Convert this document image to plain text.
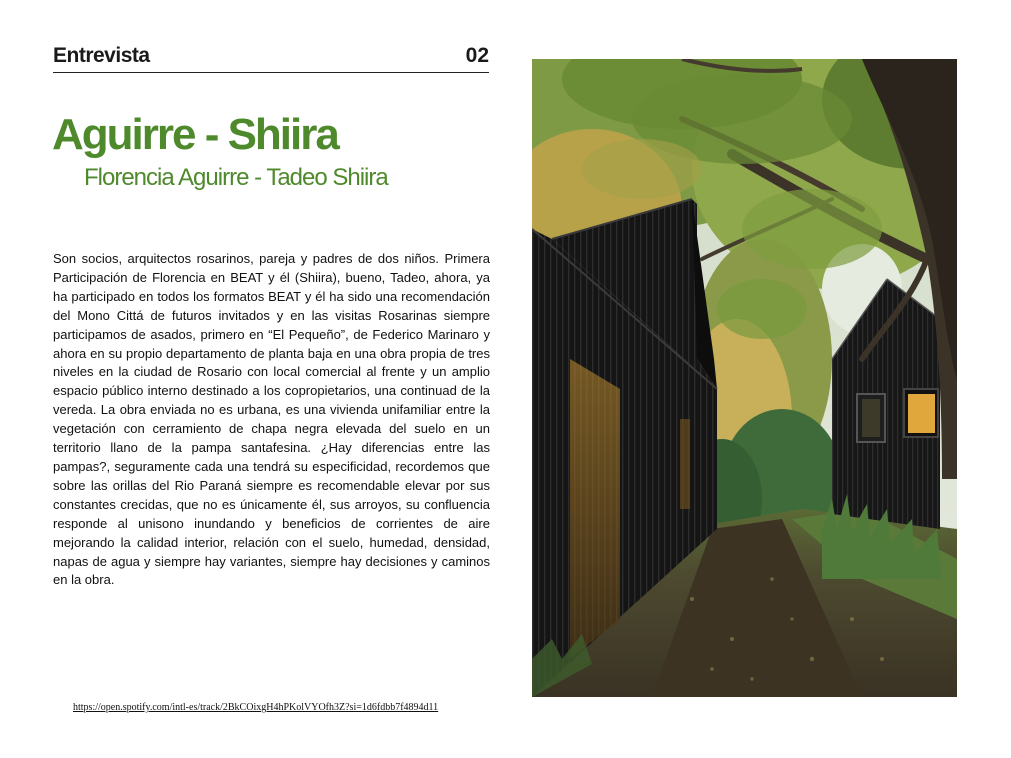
Entrevista	02
Aguirre - Shiira
Florencia Aguirre - Tadeo Shiira

Son socios, arquitectos rosarinos, pareja y padres de dos niños. Primera Participación de Florencia en BEAT y él (Shiira), bueno, Tadeo, ahora, ya ha participado en todos los formatos BEAT y él ha sido una recomendación del Mono Cittá de futuros invitados y en las visitas Rosarinas siempre participamos de asados, primero en “El Pequeño”, de Federico Marinaro y ahora en su propio departamento de planta baja en una obra propia de tres niveles en la ciudad de Rosario con local comercial al frente y un amplio espacio público interno destinado a los copropietarios, una continuad de la vereda. La obra enviada no es urbana, es una vivienda unifamiliar entre la vegetación con cerramiento de chapa negra elevada del suelo en un territorio llano de la pampa santafesina. ¿Hay diferencias entre las pampas?, seguramente cada una tendrá su especificidad, recordemos que sobre las orillas del Rio Paraná siempre es recomendable elevar por sus constantes crecidas, que no es únicamente él, sus arroyos, su confluencia responde al unisono inundando y beneficios de corrientes de aire mejorando la calidad interior, relación con el suelo, humedad, densidad, napas de agua y siempre hay variantes, siempre hay decisiones y caminos en la obra.

https://open.spotify.com/intl-es/track/2BkCOixgH4hPKolVYOfh3Z?si=1d6fdbb7f4894d11
